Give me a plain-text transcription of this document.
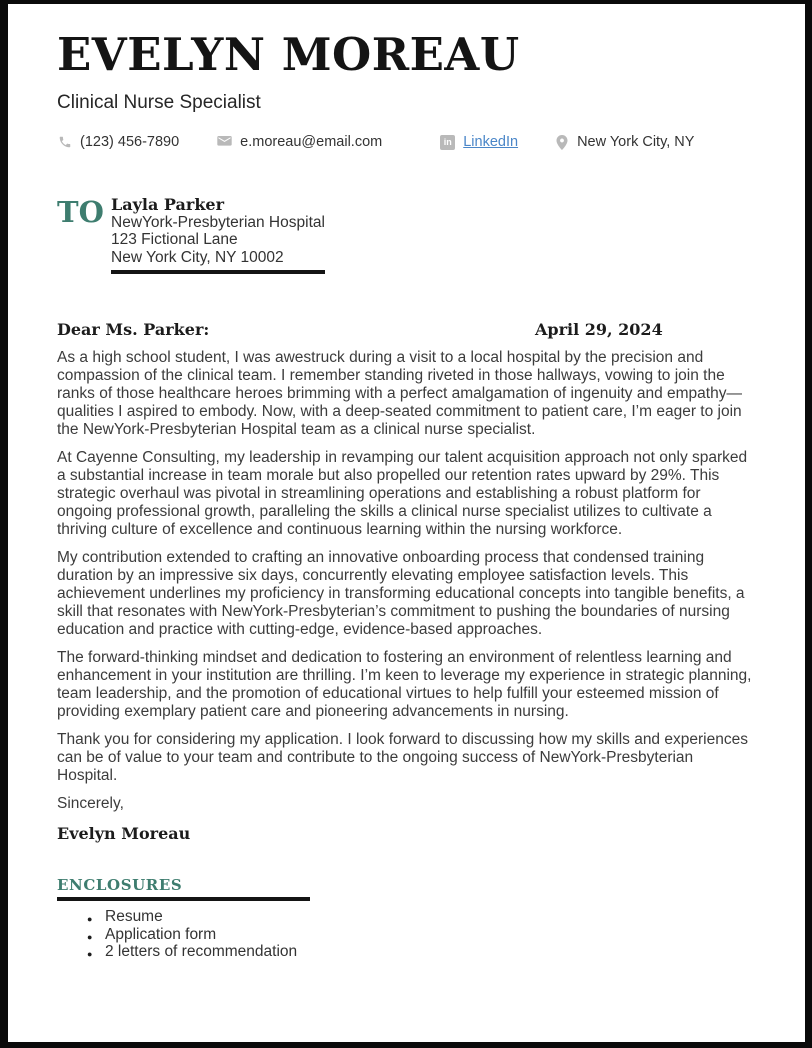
EVELYN MOREAU
Clinical Nurse Specialist
(123) 456-7890	e.moreau@email.com	in LinkedIn	New York City, NY
TO Layla Parker
NewYork-Presbyterian Hospital
123 Fictional Lane
New York City, NY 10002
Dear Ms. Parker:	April 29, 2024

As a high school student, I was awestruck during a visit to a local hospital by the precision and compassion of the clinical team. I remember standing riveted in those hallways, vowing to join the ranks of those healthcare heroes brimming with a perfect amalgamation of ingenuity and empathy—qualities I aspired to embody. Now, with a deep-seated commitment to patient care, I’m eager to join the NewYork-Presbyterian Hospital team as a clinical nurse specialist.

At Cayenne Consulting, my leadership in revamping our talent acquisition approach not only sparked a substantial increase in team morale but also propelled our retention rates upward by 29%. This strategic overhaul was pivotal in streamlining operations and establishing a robust platform for ongoing professional growth, paralleling the skills a clinical nurse specialist utilizes to cultivate a thriving culture of excellence and continuous learning within the nursing workforce.

My contribution extended to crafting an innovative onboarding process that condensed training duration by an impressive six days, concurrently elevating employee satisfaction levels. This achievement underlines my proficiency in transforming educational concepts into tangible benefits, a skill that resonates with NewYork-Presbyterian’s commitment to pushing the boundaries of nursing education and practice with cutting-edge, evidence-based approaches.

The forward-thinking mindset and dedication to fostering an environment of relentless learning and enhancement in your institution are thrilling. I’m keen to leverage my experience in strategic planning, team leadership, and the promotion of educational virtues to help fulfill your esteemed mission of providing exemplary patient care and pioneering advancements in nursing.

Thank you for considering my application. I look forward to discussing how my skills and experiences can be of value to your team and contribute to the ongoing success of NewYork-Presbyterian Hospital.

Sincerely,
Evelyn Moreau
ENCLOSURES
● Resume
● Application form
● 2 letters of recommendation
